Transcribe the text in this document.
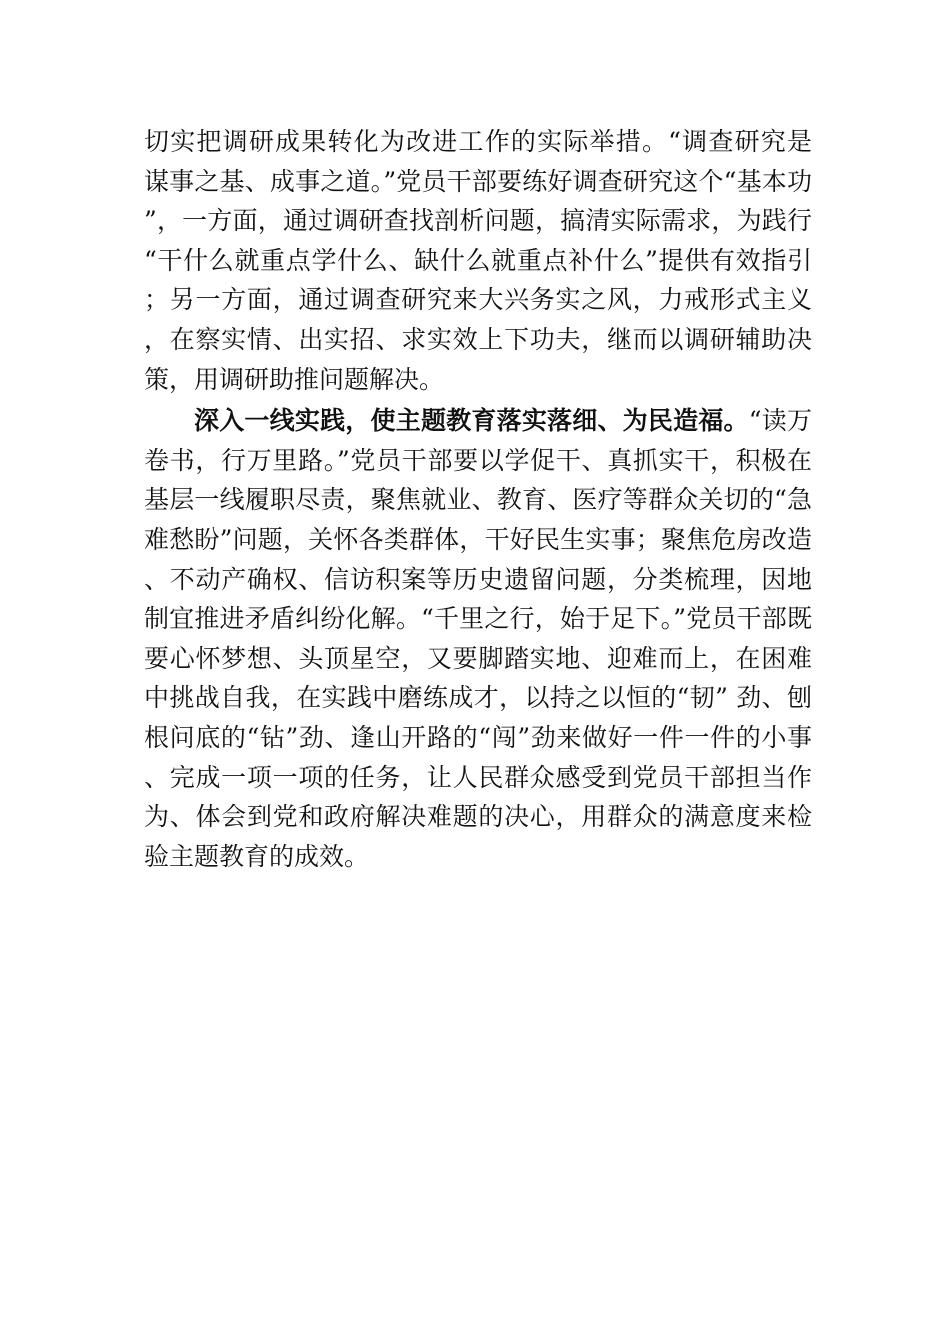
切实把调研成果转化为改进工作的实际举措。“调查研究是 谋事之基、成事之道。”党员干部要练好调查研究这个“基本功”，一方面，通过调研查找剖析问题，搞清实际需求，为践行“干什么就重点学什么、缺什么就重点补什么”提供有效指引；另一方面，通过调查研究来大兴务实之风，力戒形式主义，在察实情、出实招、求实效上下功夫，继而以调研辅助决策，用调研助推问题解决。

深入一线实践，使主题教育落实落细、为民造福。“读万卷书，行万里路。”党员干部要以学促干、真抓实干，积极在基层一线履职尽责，聚焦就业、教育、医疗等群众关切的“急难愁盼”问题，关怀各类群体，干好民生实事；聚焦危房改造、不动产确权、信访积案等历史遗留问题，分类梳理，因地制宜推进矛盾纠纷化解。“千里之行，始于足下。”党员干部既要心怀梦想、头顶星空，又要脚踏实地、迎难而上，在困难中挑战自我，在实践中磨练成才，以持之以恒的“韧” 劲、刨根问底的“钻”劲、逢山开路的“闯”劲来做好一件一件的小事、完成一项一项的任务，让人民群众感受到党员干部担当作为、体会到党和政府解决难题的决心，用群众的满意度来检验主题教育的成效。
